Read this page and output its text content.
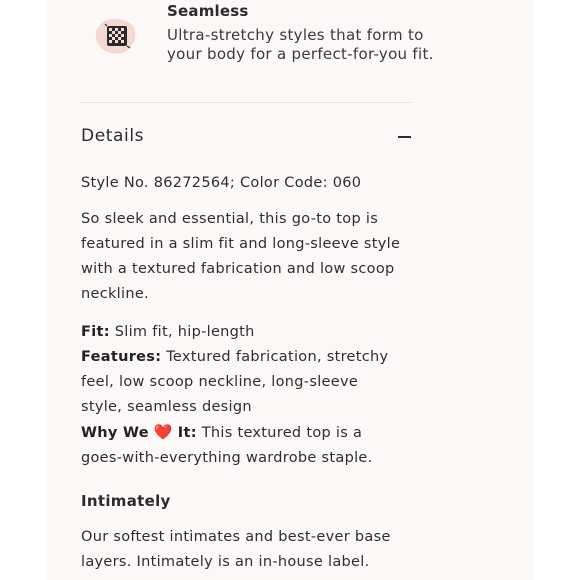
Seamless
Ultra-stretchy styles that form to your body for a perfect-for-you fit.
Details
Style No. 86272564; Color Code: 060
So sleek and essential, this go-to top is featured in a slim fit and long-sleeve style with a textured fabrication and low scoop neckline.
Fit: Slim fit, hip-length
Features: Textured fabrication, stretchy feel, low scoop neckline, long-sleeve style, seamless design
Why We ❤️ It: This textured top is a goes-with-everything wardrobe staple.
Intimately
Our softest intimates and best-ever base layers. Intimately is an in-house label.
